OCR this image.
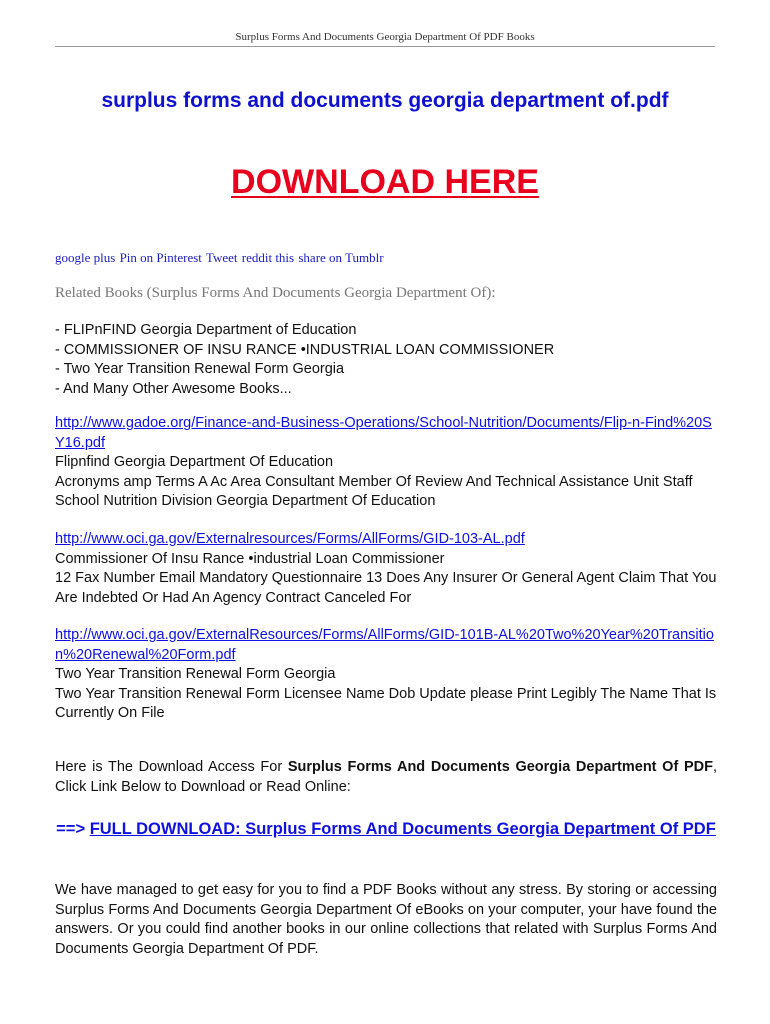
Surplus Forms And Documents Georgia Department Of PDF Books
surplus forms and documents georgia department of.pdf
DOWNLOAD HERE
google plus Pin on Pinterest Tweet reddit this share on Tumblr
Related Books (Surplus Forms And Documents Georgia Department Of):
- FLIPnFIND Georgia Department of Education
- COMMISSIONER OF INSU RANCE •INDUSTRIAL LOAN COMMISSIONER
- Two Year Transition Renewal Form Georgia
- And Many Other Awesome Books...
http://www.gadoe.org/Finance-and-Business-Operations/School-Nutrition/Documents/Flip-n-Find%20SY16.pdf
Flipnfind Georgia Department Of Education
Acronyms amp Terms A Ac Area Consultant Member Of Review And Technical Assistance Unit Staff School Nutrition Division Georgia Department Of Education
http://www.oci.ga.gov/Externalresources/Forms/AllForms/GID-103-AL.pdf
Commissioner Of Insu Rance •industrial Loan Commissioner
12 Fax Number Email Mandatory Questionnaire 13 Does Any Insurer Or General Agent Claim That You Are Indebted Or Had An Agency Contract Canceled For
http://www.oci.ga.gov/ExternalResources/Forms/AllForms/GID-101B-AL%20Two%20Year%20Transition%20Renewal%20Form.pdf
Two Year Transition Renewal Form Georgia
Two Year Transition Renewal Form Licensee Name Dob Update please Print Legibly The Name That Is Currently On File
Here is The Download Access For Surplus Forms And Documents Georgia Department Of PDF, Click Link Below to Download or Read Online:
==> FULL DOWNLOAD: Surplus Forms And Documents Georgia Department Of PDF
We have managed to get easy for you to find a PDF Books without any stress. By storing or accessing Surplus Forms And Documents Georgia Department Of eBooks on your computer, your have found the answers. Or you could find another books in our online collections that related with Surplus Forms And Documents Georgia Department Of PDF.
